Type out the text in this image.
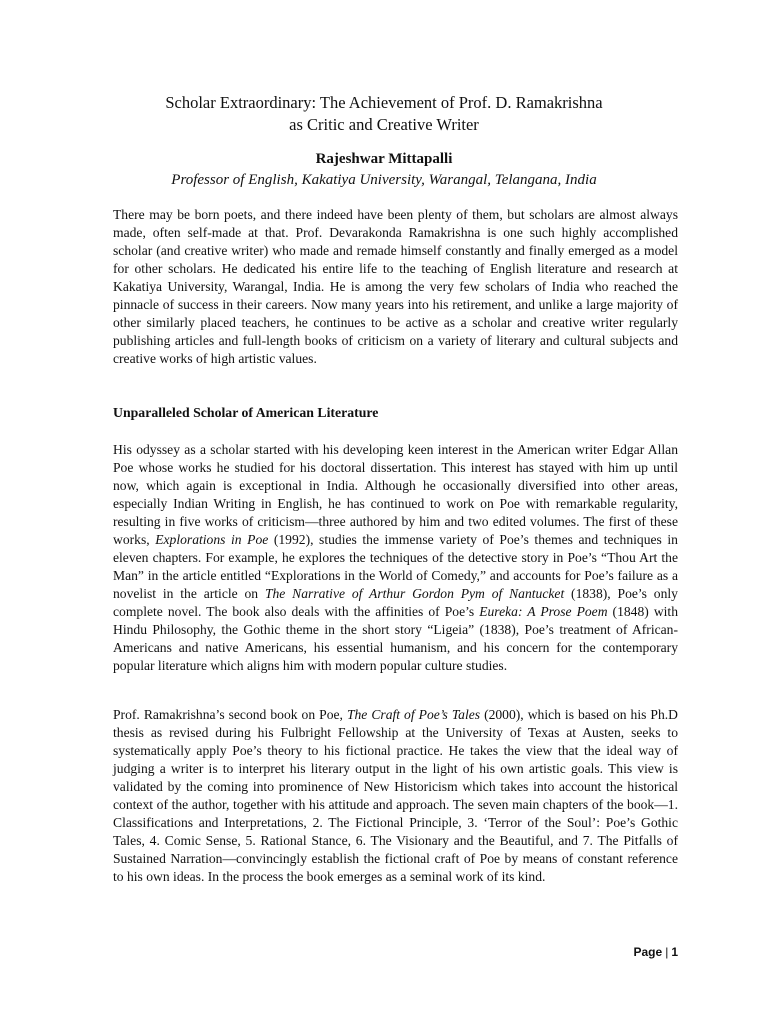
Scholar Extraordinary: The Achievement of Prof. D. Ramakrishna
as Critic and Creative Writer
Rajeshwar Mittapalli
Professor of English, Kakatiya University, Warangal, Telangana, India

There may be born poets, and there indeed have been plenty of them, but scholars are almost always made, often self-made at that. Prof. Devarakonda Ramakrishna is one such highly accomplished scholar (and creative writer) who made and remade himself constantly and finally emerged as a model for other scholars. He dedicated his entire life to the teaching of English literature and research at Kakatiya University, Warangal, India. He is among the very few scholars of India who reached the pinnacle of success in their careers. Now many years into his retirement, and unlike a large majority of other similarly placed teachers, he continues to be active as a scholar and creative writer regularly publishing articles and full-length books of criticism on a variety of literary and cultural subjects and creative works of high artistic values.

Unparalleled Scholar of American Literature

His odyssey as a scholar started with his developing keen interest in the American writer Edgar Allan Poe whose works he studied for his doctoral dissertation. This interest has stayed with him up until now, which again is exceptional in India. Although he occasionally diversified into other areas, especially Indian Writing in English, he has continued to work on Poe with remarkable regularity, resulting in five works of criticism—three authored by him and two edited volumes. The first of these works, Explorations in Poe (1992), studies the immense variety of Poe’s themes and techniques in eleven chapters. For example, he explores the techniques of the detective story in Poe’s “Thou Art the Man” in the article entitled “Explorations in the World of Comedy,” and accounts for Poe’s failure as a novelist in the article on The Narrative of Arthur Gordon Pym of Nantucket (1838), Poe’s only complete novel. The book also deals with the affinities of Poe’s Eureka: A Prose Poem (1848) with Hindu Philosophy, the Gothic theme in the short story “Ligeia” (1838), Poe’s treatment of African-Americans and native Americans, his essential humanism, and his concern for the contemporary popular literature which aligns him with modern popular culture studies.

Prof. Ramakrishna’s second book on Poe, The Craft of Poe’s Tales (2000), which is based on his Ph.D thesis as revised during his Fulbright Fellowship at the University of Texas at Austen, seeks to systematically apply Poe’s theory to his fictional practice. He takes the view that the ideal way of judging a writer is to interpret his literary output in the light of his own artistic goals. This view is validated by the coming into prominence of New Historicism which takes into account the historical context of the author, together with his attitude and approach. The seven main chapters of the book—1. Classifications and Interpretations, 2. The Fictional Principle, 3. ‘Terror of the Soul’: Poe’s Gothic Tales, 4. Comic Sense, 5. Rational Stance, 6. The Visionary and the Beautiful, and 7. The Pitfalls of Sustained Narration—convincingly establish the fictional craft of Poe by means of constant reference to his own ideas. In the process the book emerges as a seminal work of its kind.

Page | 1
